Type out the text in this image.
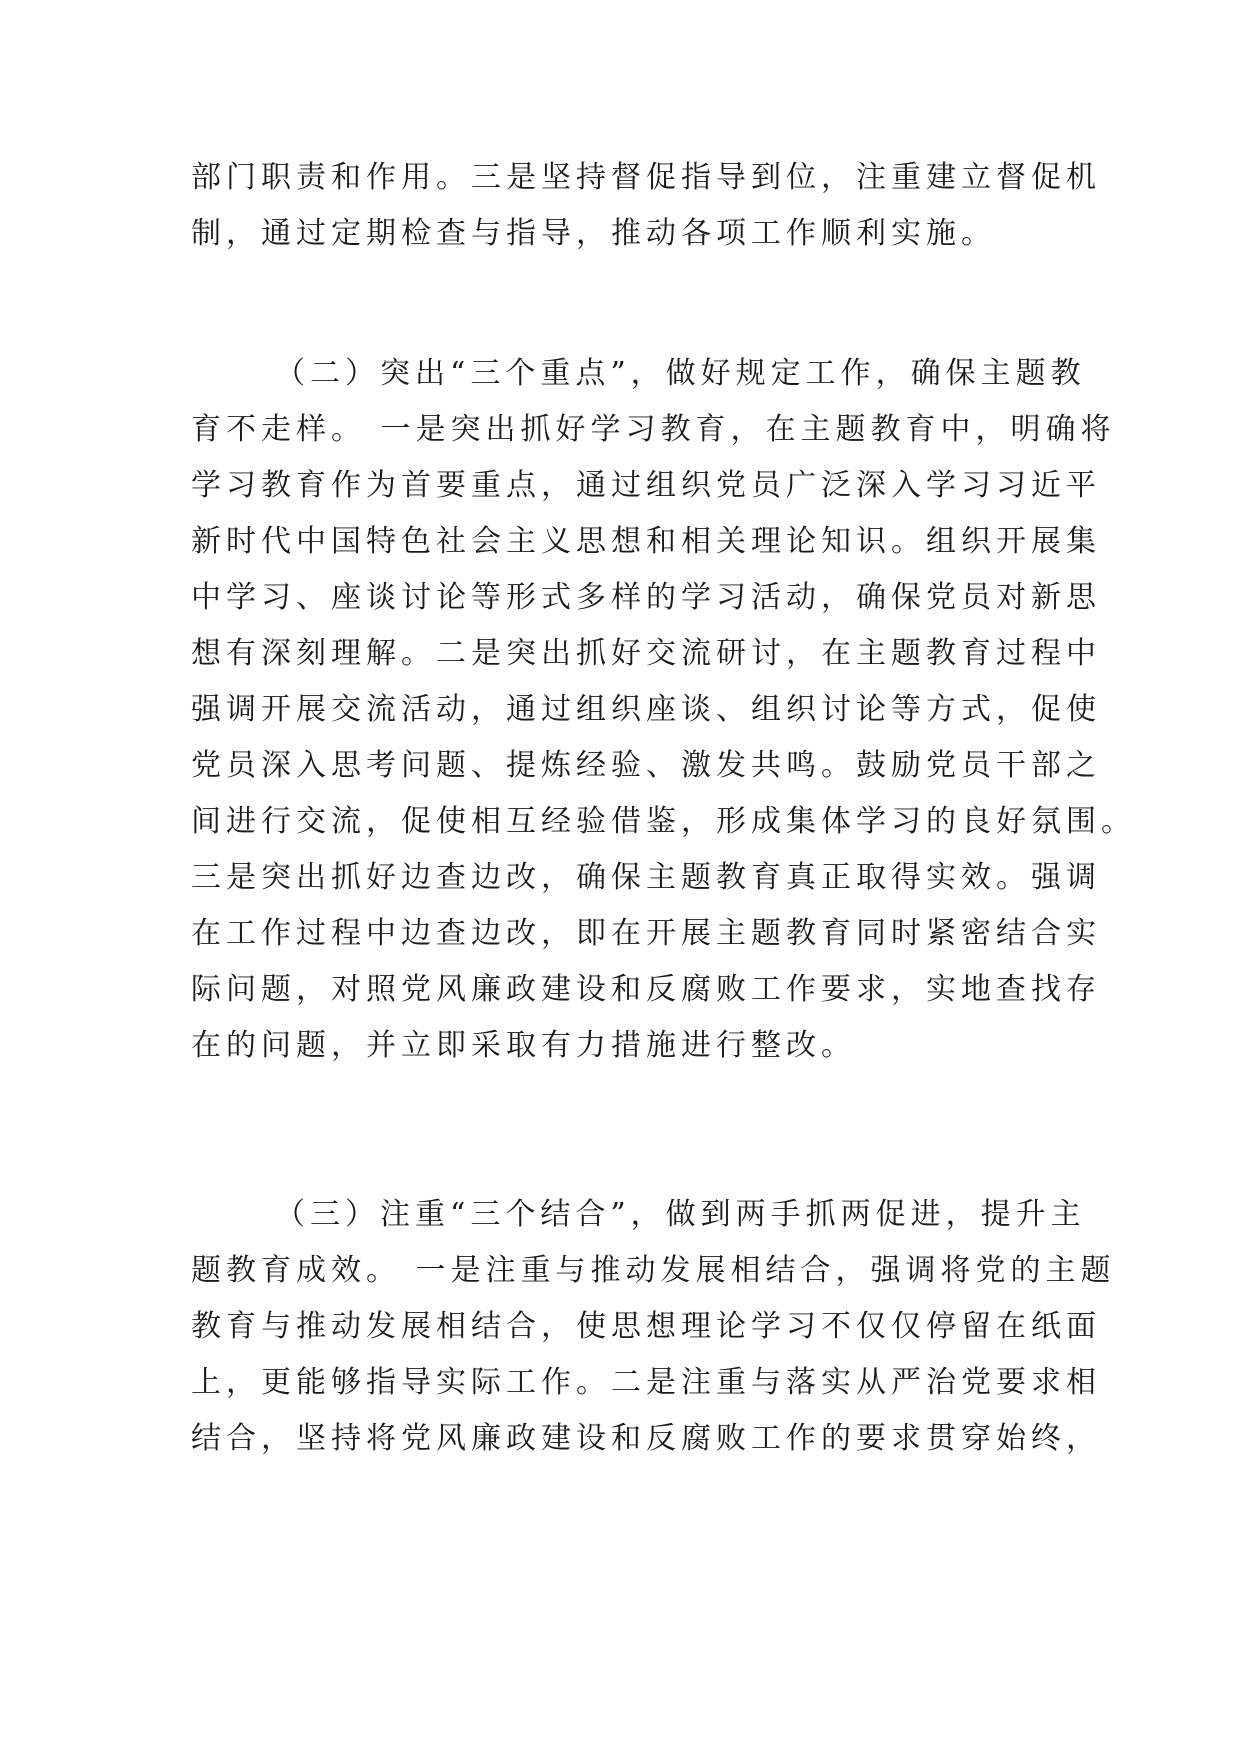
部门职责和作用。三是坚持督促指导到位，注重建立督促机
制，通过定期检查与指导，推动各项工作顺利实施。
（二）突出“三个重点”，做好规定工作，确保主题教
育不走样。 一是突出抓好学习教育，在主题教育中，明确将
学习教育作为首要重点，通过组织党员广泛深入学习习近平
新时代中国特色社会主义思想和相关理论知识。组织开展集
中学习、座谈讨论等形式多样的学习活动，确保党员对新思
想有深刻理解。二是突出抓好交流研讨，在主题教育过程中
强调开展交流活动，通过组织座谈、组织讨论等方式，促使
党员深入思考问题、提炼经验、激发共鸣。鼓励党员干部之
间进行交流，促使相互经验借鉴，形成集体学习的良好氛围。
三是突出抓好边查边改，确保主题教育真正取得实效。强调
在工作过程中边查边改，即在开展主题教育同时紧密结合实
际问题，对照党风廉政建设和反腐败工作要求，实地查找存
在的问题，并立即采取有力措施进行整改。
（三）注重“三个结合”，做到两手抓两促进，提升主
题教育成效。 一是注重与推动发展相结合，强调将党的主题
教育与推动发展相结合，使思想理论学习不仅仅停留在纸面
上，更能够指导实际工作。二是注重与落实从严治党要求相
结合，坚持将党风廉政建设和反腐败工作的要求贯穿始终，
